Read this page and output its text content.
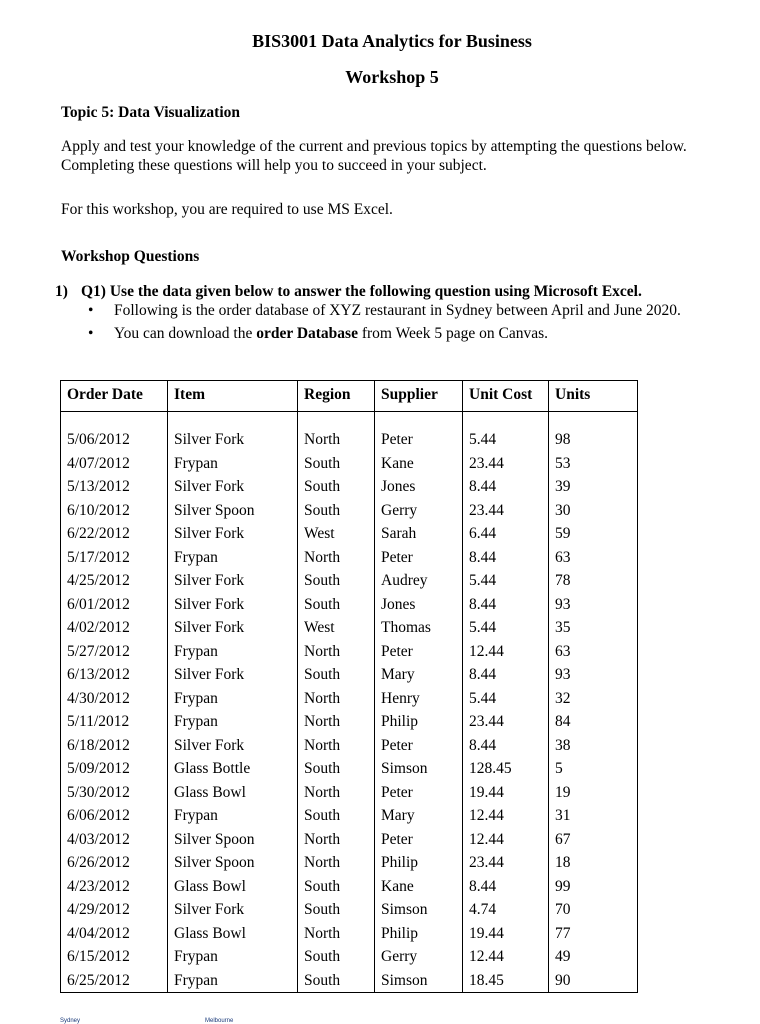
BIS3001 Data Analytics for Business
Workshop 5

Topic 5: Data Visualization

Apply and test your knowledge of the current and previous topics by attempting the questions below. Completing these questions will help you to succeed in your subject.

For this workshop, you are required to use MS Excel.

Workshop Questions

1) Q1) Use the data given below to answer the following question using Microsoft Excel.
• Following is the order database of XYZ restaurant in Sydney between April and June 2020.
• You can download the order Database from Week 5 page on Canvas.
Order Date	Item	Region	Supplier	Unit Cost	Units

5/06/2012	Silver Fork	North	Peter	5.44	98
4/07/2012	Frypan	South	Kane	23.44	53
5/13/2012	Silver Fork	South	Jones	8.44	39
6/10/2012	Silver Spoon	South	Gerry	23.44	30
6/22/2012	Silver Fork	West	Sarah	6.44	59
5/17/2012	Frypan	North	Peter	8.44	63
4/25/2012	Silver Fork	South	Audrey	5.44	78
6/01/2012	Silver Fork	South	Jones	8.44	93
4/02/2012	Silver Fork	West	Thomas	5.44	35
5/27/2012	Frypan	North	Peter	12.44	63
6/13/2012	Silver Fork	South	Mary	8.44	93
4/30/2012	Frypan	North	Henry	5.44	32
5/11/2012	Frypan	North	Philip	23.44	84
6/18/2012	Silver Fork	North	Peter	8.44	38
5/09/2012	Glass Bottle	South	Simson	128.45	5
5/30/2012	Glass Bowl	North	Peter	19.44	19
6/06/2012	Frypan	South	Mary	12.44	31
4/03/2012	Silver Spoon	North	Peter	12.44	67
6/26/2012	Silver Spoon	North	Philip	23.44	18
4/23/2012	Glass Bowl	South	Kane	8.44	99
4/29/2012	Silver Fork	South	Simson	4.74	70
4/04/2012	Glass Bowl	North	Philip	19.44	77
6/15/2012	Frypan	South	Gerry	12.44	49
6/25/2012	Frypan	South	Simson	18.45	90
Sydney	Melbourne
